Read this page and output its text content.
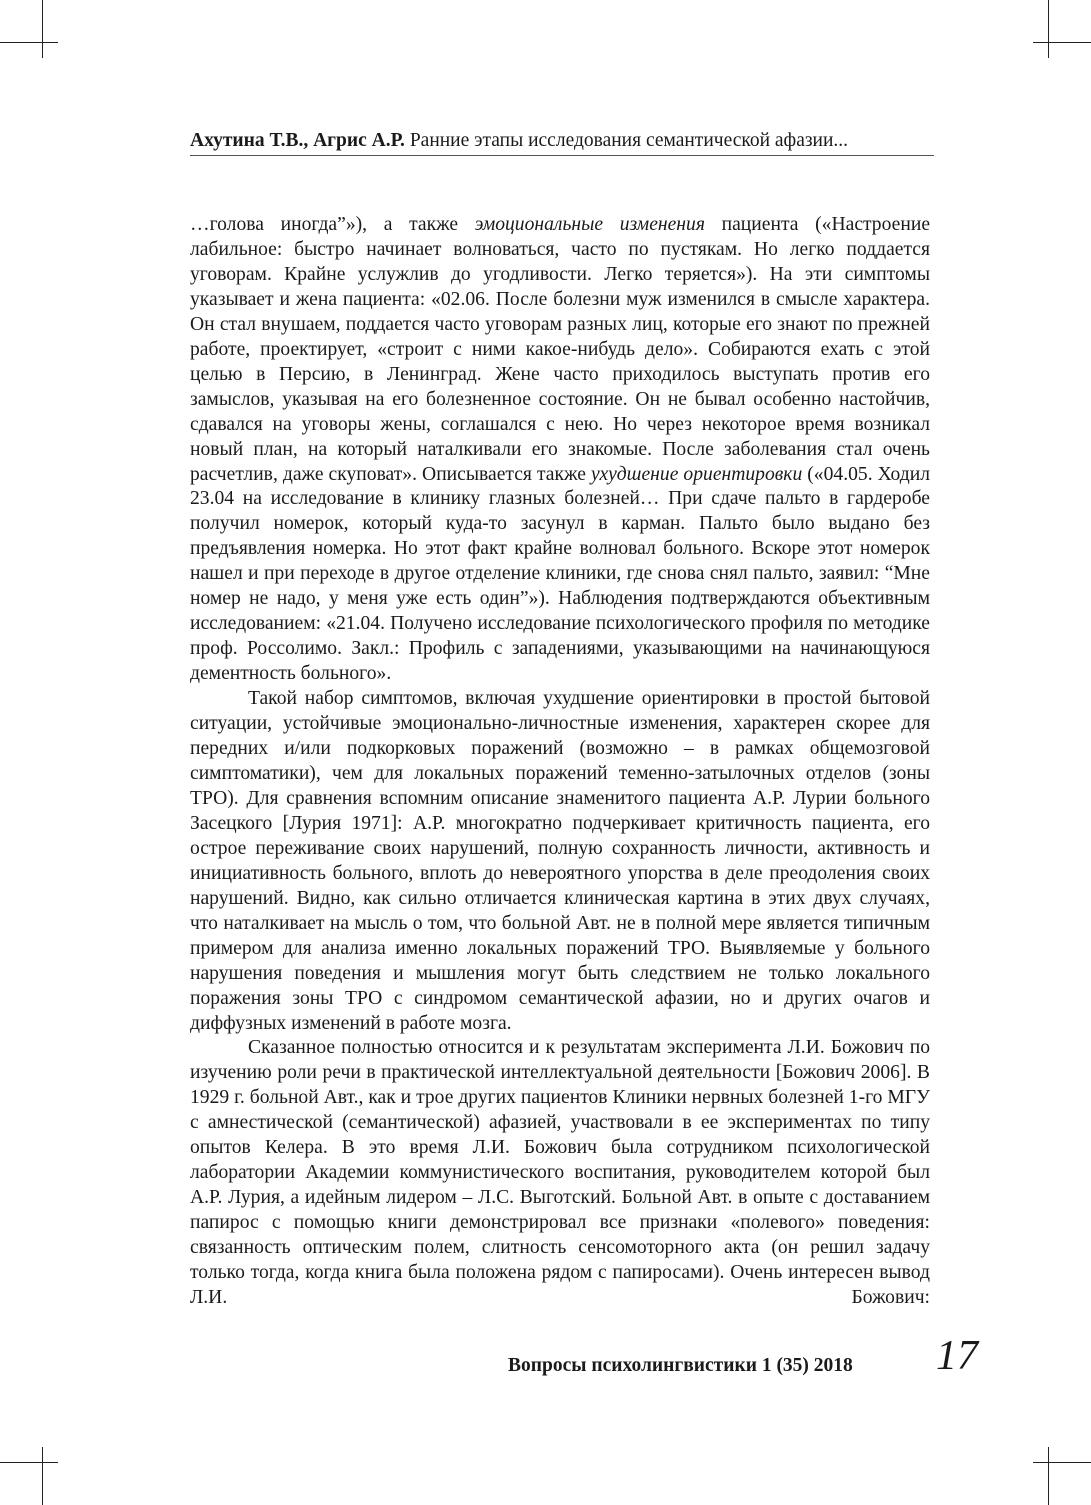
Ахутина Т.В., Агрис А.Р. Ранние этапы исследования семантической афазии...

…голова иногда”»), а также эмоциональные изменения пациента («Настроение лабильное: быстро начинает волноваться, часто по пустякам. Но легко поддается уговорам. Крайне услужлив до угодливости. Легко теряется»). На эти симптомы указывает и жена пациента: «02.06. После болезни муж изменился в смысле характера. Он стал внушаем, поддается часто уговорам разных лиц, которые его знают по прежней работе, проектирует, «строит с ними какое-нибудь дело». Собираются ехать с этой целью в Персию, в Ленинград. Жене часто приходилось выступать против его замыслов, указывая на его болезненное состояние. Он не бывал особенно настойчив, сдавался на уговоры жены, соглашался с нею. Но через некоторое время возникал новый план, на который наталкивали его знакомые. После заболевания стал очень расчетлив, даже скуповат». Описывается также ухудшение ориентировки («04.05. Ходил 23.04 на исследование в клинику глазных болезней… При сдаче пальто в гардеробе получил номерок, который куда-то засунул в карман. Пальто было выдано без предъявления номерка. Но этот факт крайне волновал больного. Вскоре этот номерок нашел и при переходе в другое отделение клиники, где снова снял пальто, заявил: “Мне номер не надо, у меня уже есть один”»). Наблюдения подтверждаются объективным исследованием: «21.04. Получено исследование психологического профиля по методике проф. Россолимо. Закл.: Профиль с западениями, указывающими на начинающуюся дементность больного».

Такой набор симптомов, включая ухудшение ориентировки в простой бытовой ситуации, устойчивые эмоционально-личностные изменения, характерен скорее для передних и/или подкорковых поражений (возможно – в рамках общемозговой симптоматики), чем для локальных поражений теменно-затылочных отделов (зоны ТРО). Для сравнения вспомним описание знаменитого пациента А.Р. Лурии больного Засецкого [Лурия 1971]: А.Р. многократно подчеркивает критичность пациента, его острое переживание своих нарушений, полную сохранность личности, активность и инициативность больного, вплоть до невероятного упорства в деле преодоления своих нарушений. Видно, как сильно отличается клиническая картина в этих двух случаях, что наталкивает на мысль о том, что больной Авт. не в полной мере является типичным примером для анализа именно локальных поражений ТРО. Выявляемые у больного нарушения поведения и мышления могут быть следствием не только локального поражения зоны ТРО с синдромом семантической афазии, но и других очагов и диффузных изменений в работе мозга.

Сказанное полностью относится и к результатам эксперимента Л.И. Божович по изучению роли речи в практической интеллектуальной деятельности [Божович 2006]. В 1929 г. больной Авт., как и трое других пациентов Клиники нервных болезней 1-го МГУ с амнестической (семантической) афазией, участвовали в ее экспериментах по типу опытов Келера. В это время Л.И. Божович была сотрудником психологической лаборатории Академии коммунистического воспитания, руководителем которой был А.Р. Лурия, а идейным лидером – Л.С. Выготский. Больной Авт. в опыте с доставанием папирос с помощью книги демонстрировал все признаки «полевого» поведения: связанность оптическим полем, слитность сенсомоторного акта (он решил задачу только тогда, когда книга была положена рядом с папиросами). Очень интересен вывод Л.И. Божович:

Вопросы психолингвистики 1 (35) 2018 17
